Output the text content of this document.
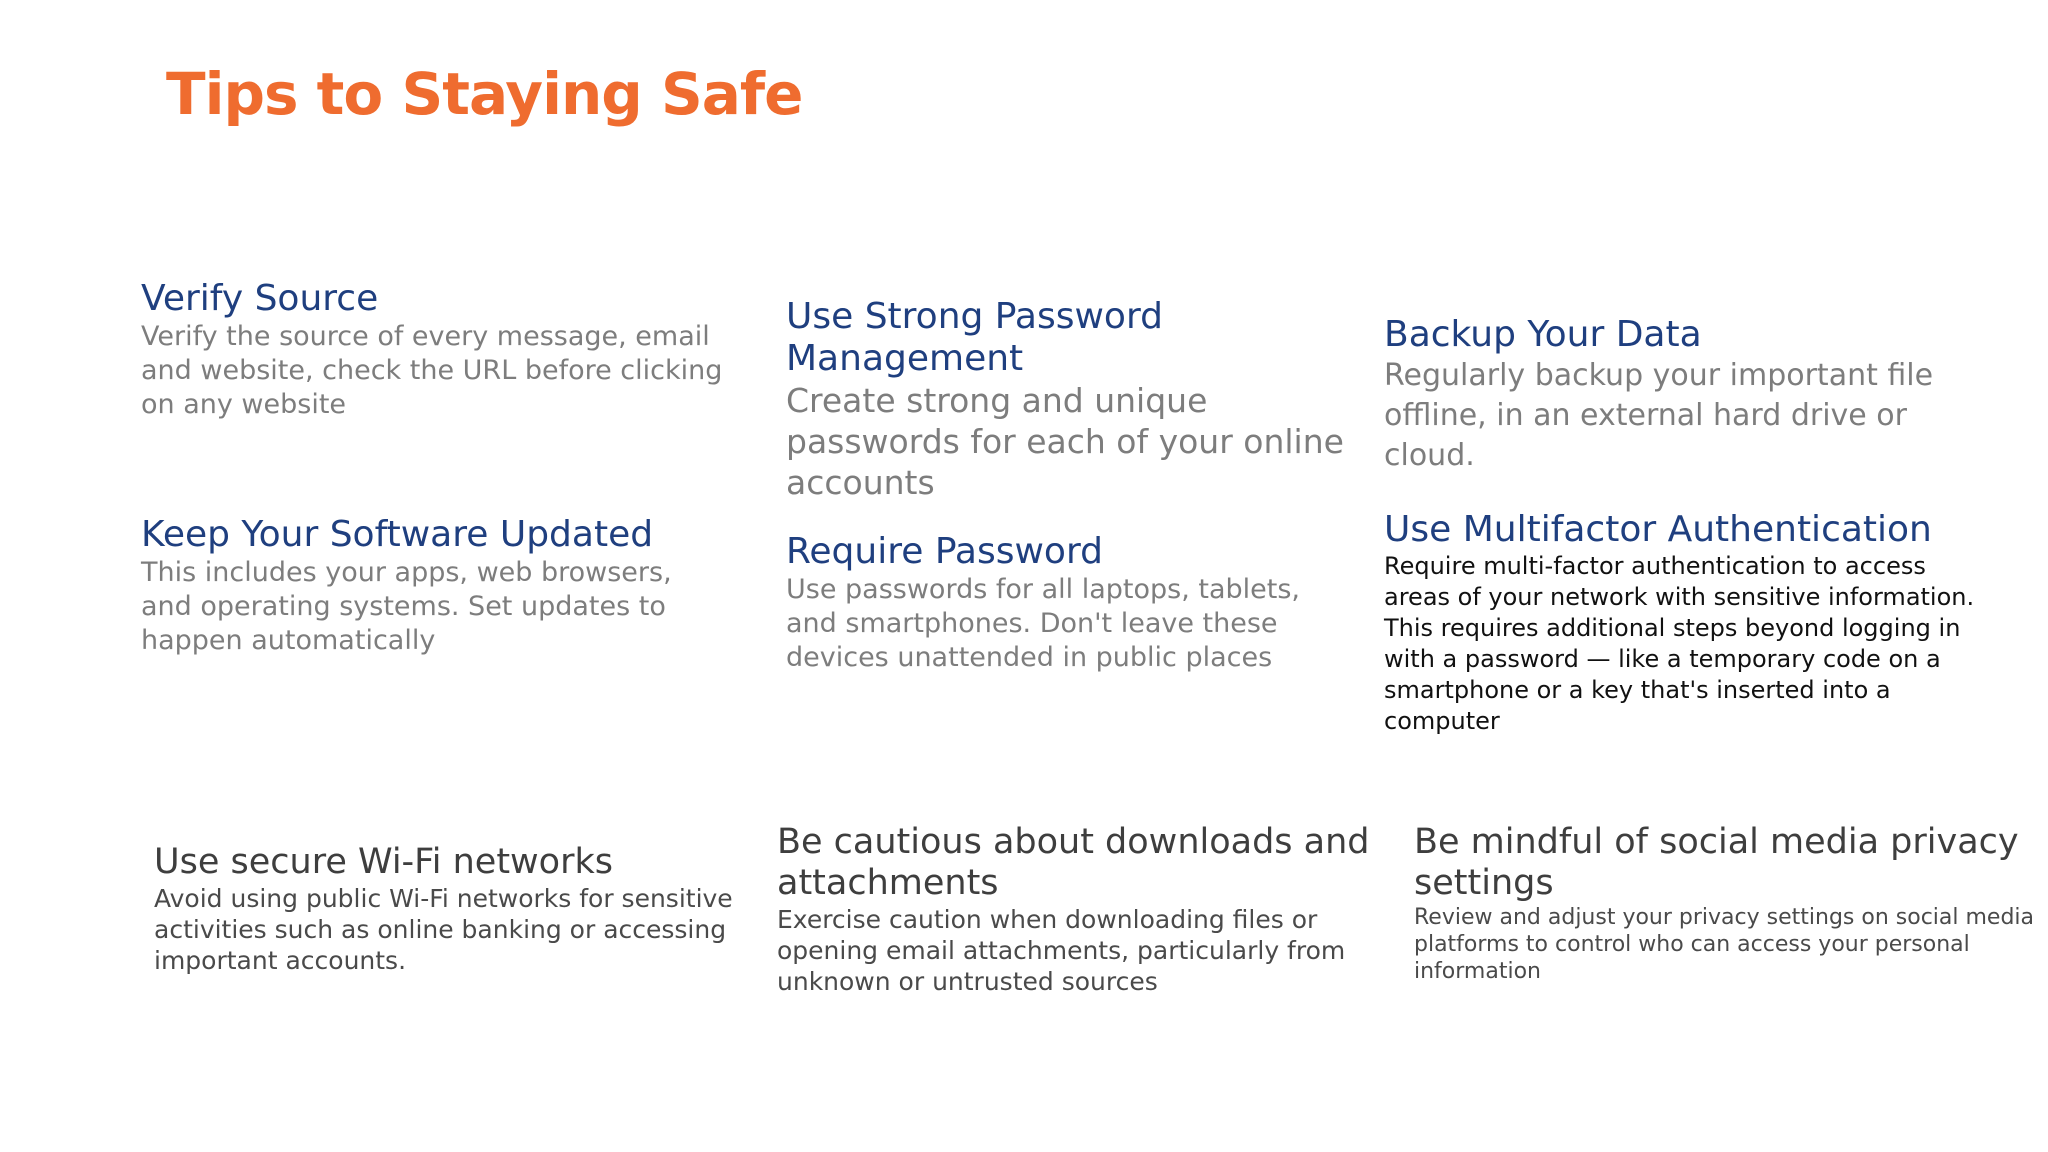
Tips to Staying Safe
Verify Source

Verify the source of every message, email and website, check the URL before clicking on any website

Keep Your Software Updated

This includes your apps, web browsers, and operating systems. Set updates to happen automatically

Use Strong Password Management

Create strong and unique passwords for each of your online accounts

Require Password

Use passwords for all laptops, tablets, and smartphones. Don't leave these devices unattended in public places

Backup Your Data

Regularly backup your important file offline, in an external hard drive or cloud.

Use Multifactor Authentication

Require multi-factor authentication to access areas of your network with sensitive information. This requires additional steps beyond logging in with a password — like a temporary code on a smartphone or a key that's inserted into a computer

Use secure Wi-Fi networks

Avoid using public Wi-Fi networks for sensitive activities such as online banking or accessing important accounts.

Be cautious about downloads and attachments

Exercise caution when downloading files or opening email attachments, particularly from unknown or untrusted sources

Be mindful of social media privacy settings

Review and adjust your privacy settings on social media platforms to control who can access your personal information
